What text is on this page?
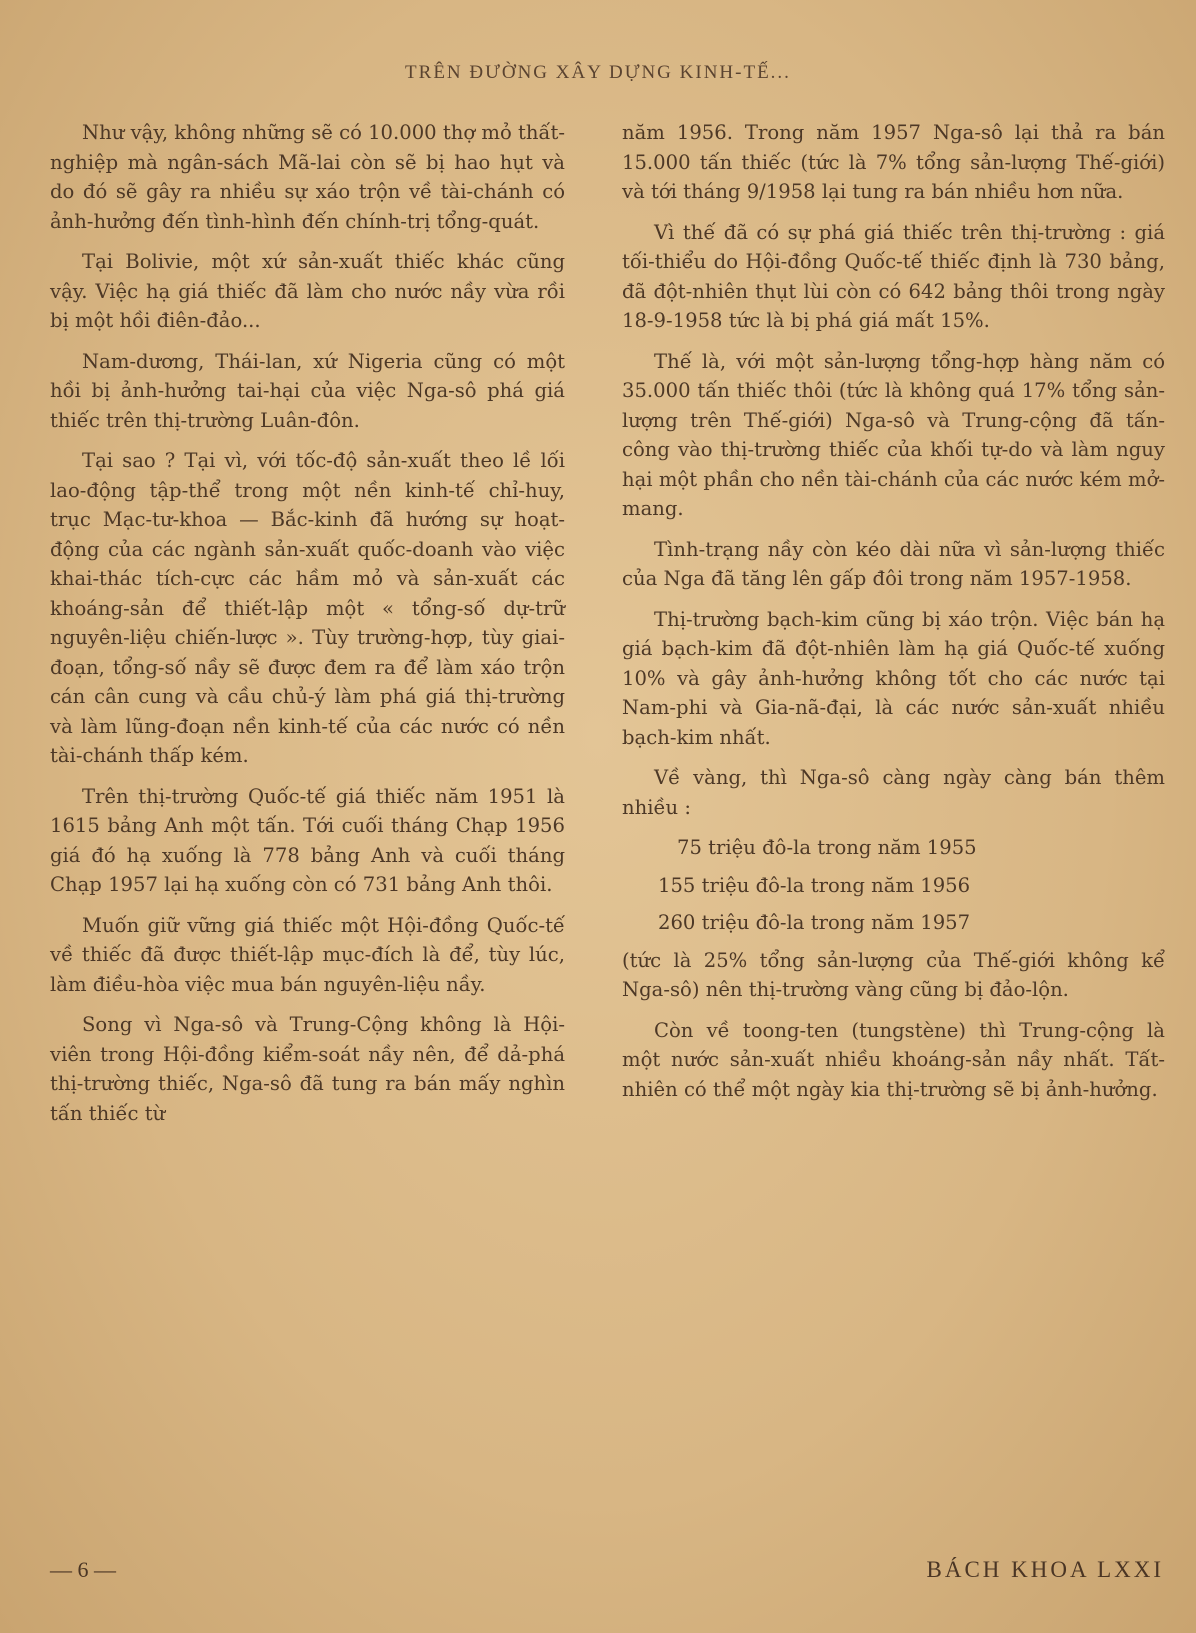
TRÊN ĐƯỜNG XÂY DỰNG KINH-TẾ...

Như vậy, không những sẽ có 10.000 thợ mỏ thất-nghiệp mà ngân-sách Mã-lai còn sẽ bị hao hụt và do đó sẽ gây ra nhiều sự xáo trộn về tài-chánh có ảnh-hưởng đến tình-hình đến chính-trị tổng-quát.

Tại Bolivie, một xứ sản-xuất thiếc khác cũng vậy. Việc hạ giá thiếc đã làm cho nước nầy vừa rồi bị một hồi điên-đảo...

Nam-dương, Thái-lan, xứ Nigeria cũng có một hồi bị ảnh-hưởng tai-hại của việc Nga-sô phá giá thiếc trên thị-trường Luân-đôn.

Tại sao ? Tại vì, với tốc-độ sản-xuất theo lề lối lao-động tập-thể trong một nền kinh-tế chỉ-huy, trục Mạc-tư-khoa — Bắc-kinh đã hướng sự hoạt-động của các ngành sản-xuất quốc-doanh vào việc khai-thác tích-cực các hầm mỏ và sản-xuất các khoáng-sản để thiết-lập một « tổng-số dự-trữ nguyên-liệu chiến-lược ». Tùy trường-hợp, tùy giai-đoạn, tổng-số nầy sẽ được đem ra để làm xáo trộn cán cân cung và cầu chủ-ý làm phá giá thị-trường và làm lũng-đoạn nền kinh-tế của các nước có nền tài-chánh thấp kém.

Trên thị-trường Quốc-tế giá thiếc năm 1951 là 1615 bảng Anh một tấn. Tới cuối tháng Chạp 1956 giá đó hạ xuống là 778 bảng Anh và cuối tháng Chạp 1957 lại hạ xuống còn có 731 bảng Anh thôi.

Muốn giữ vững giá thiếc một Hội-đồng Quốc-tế về thiếc đã được thiết-lập mục-đích là để, tùy lúc, làm điều-hòa việc mua bán nguyên-liệu nầy.

Song vì Nga-sô và Trung-Cộng không là Hội-viên trong Hội-đồng kiểm-soát nầy nên, để dả-phá thị-trường thiếc, Nga-sô đã tung ra bán mấy nghìn tấn thiếc từ

năm 1956. Trong năm 1957 Nga-sô lại thả ra bán 15.000 tấn thiếc (tức là 7% tổng sản-lượng Thế-giới) và tới tháng 9/1958 lại tung ra bán nhiều hơn nữa.

Vì thế đã có sự phá giá thiếc trên thị-trường : giá tối-thiểu do Hội-đồng Quốc-tế thiếc định là 730 bảng, đã đột-nhiên thụt lùi còn có 642 bảng thôi trong ngày 18-9-1958 tức là bị phá giá mất 15%.

Thế là, với một sản-lượng tổng-hợp hàng năm có 35.000 tấn thiếc thôi (tức là không quá 17% tổng sản-lượng trên Thế-giới) Nga-sô và Trung-cộng đã tấn-công vào thị-trường thiếc của khối tự-do và làm nguy hại một phần cho nền tài-chánh của các nước kém mở-mang.

Tình-trạng nầy còn kéo dài nữa vì sản-lượng thiếc của Nga đã tăng lên gấp đôi trong năm 1957-1958.

Thị-trường bạch-kim cũng bị xáo trộn. Việc bán hạ giá bạch-kim đã đột-nhiên làm hạ giá Quốc-tế xuống 10% và gây ảnh-hưởng không tốt cho các nước tại Nam-phi và Gia-nã-đại, là các nước sản-xuất nhiều bạch-kim nhất.

Về vàng, thì Nga-sô càng ngày càng bán thêm nhiều :

75 triệu đô-la trong năm 1955

155 triệu đô-la trong năm 1956

260 triệu đô-la trong năm 1957

(tức là 25% tổng sản-lượng của Thế-giới không kể Nga-sô) nên thị-trường vàng cũng bị đảo-lộn.

Còn về toong-ten (tungstène) thì Trung-cộng là một nước sản-xuất nhiều khoáng-sản nầy nhất. Tất-nhiên có thể một ngày kia thị-trường sẽ bị ảnh-hưởng.

— 6 —	BÁCH KHOA LXXI
